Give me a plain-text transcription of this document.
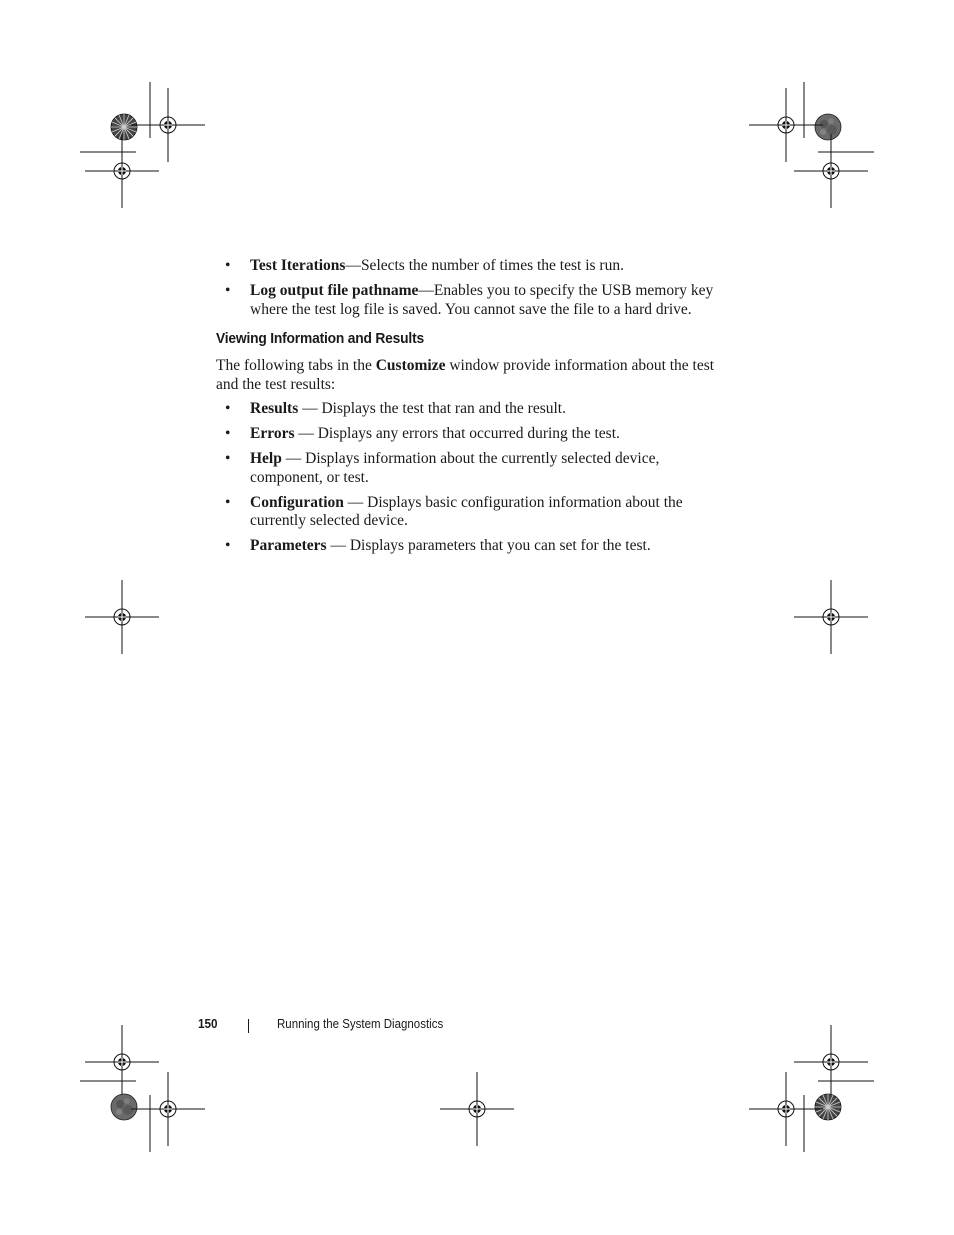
• Test Iterations—Selects the number of times the test is run.
• Log output file pathname—Enables you to specify the USB memory key where the test log file is saved. You cannot save the file to a hard drive.
Viewing Information and Results

The following tabs in the Customize window provide information about the test and the test results:

• Results — Displays the test that ran and the result.
• Errors — Displays any errors that occurred during the test.
• Help — Displays information about the currently selected device, component, or test.
• Configuration — Displays basic configuration information about the currently selected device.
• Parameters — Displays parameters that you can set for the test.
150	Running the System Diagnostics
